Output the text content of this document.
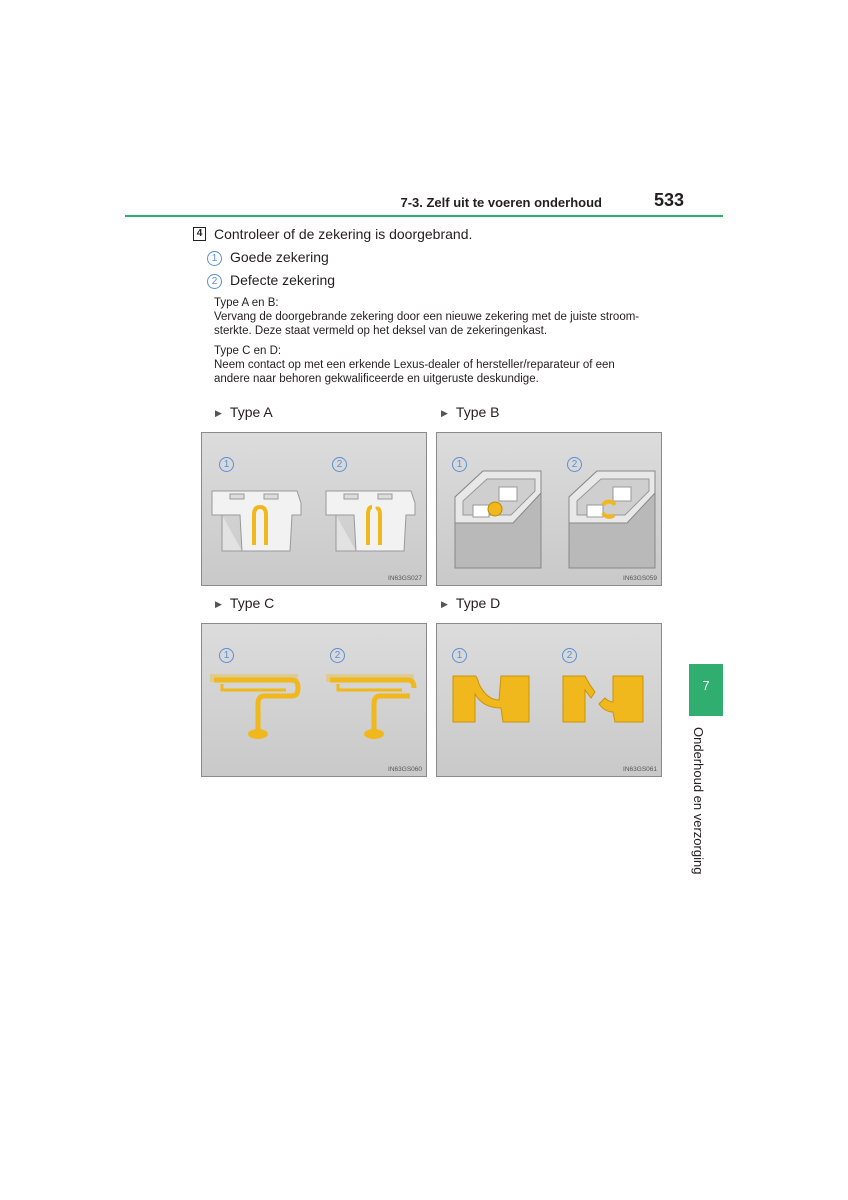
7-3. Zelf uit te voeren onderhoud	533
4 Controleer of de zekering is doorgebrand.
1 Goede zekering
2 Defecte zekering
Type A en B:
Vervang de doorgebrande zekering door een nieuwe zekering met de juiste stroom-
sterkte. Deze staat vermeld op het deksel van de zekeringenkast.
Type C en D:
Neem contact op met een erkende Lexus-dealer of hersteller/reparateur of een
andere naar behoren gekwalificeerde en uitgeruste deskundige.
▶ Type A	▶ Type B
▶ Type C	▶ Type D
1	2
IN63GS027
1	2
IN63GS059
1	2
IN63GS060
1	2
IN63GS061
7
Onderhoud en verzorging
